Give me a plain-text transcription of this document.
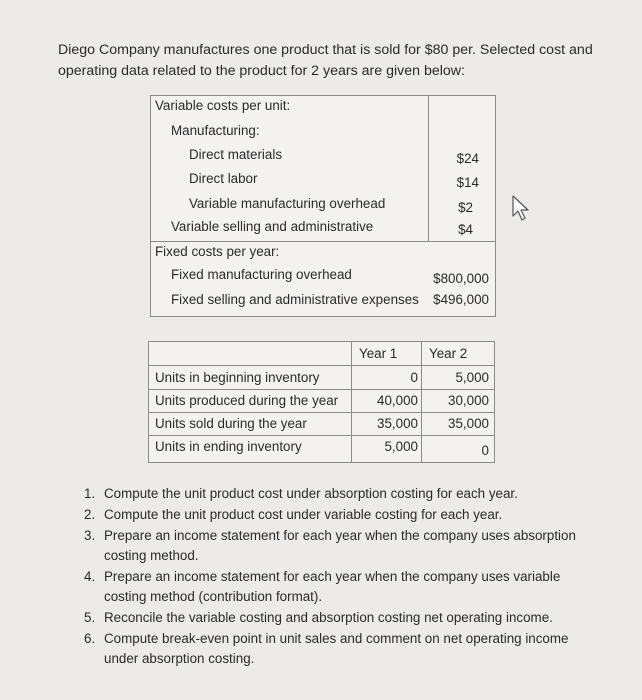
Diego Company manufactures one product that is sold for $80 per. Selected cost and operating data related to the product for 2 years are given below:
Variable costs per unit:
Manufacturing:
Direct materials	$24
Direct labor	$14
Variable manufacturing overhead	$2
Variable selling and administrative	$4
Fixed costs per year:
Fixed manufacturing overhead	$800,000
Fixed selling and administrative expenses $496,000
Year 1 Year 2
Units in beginning inventory	0	5,000
Units produced during the year	40,000 30,000
Units sold during the year	35,000 35,000
Units in ending inventory	5,000	0
1. Compute the unit product cost under absorption costing for each year.
2. Compute the unit product cost under variable costing for each year.
3. Prepare an income statement for each year when the company uses absorption costing method.
4. Prepare an income statement for each year when the company uses variable costing method (contribution format).
5. Reconcile the variable costing and absorption costing net operating income.
6. Compute break-even point in unit sales and comment on net operating income under absorption costing.
